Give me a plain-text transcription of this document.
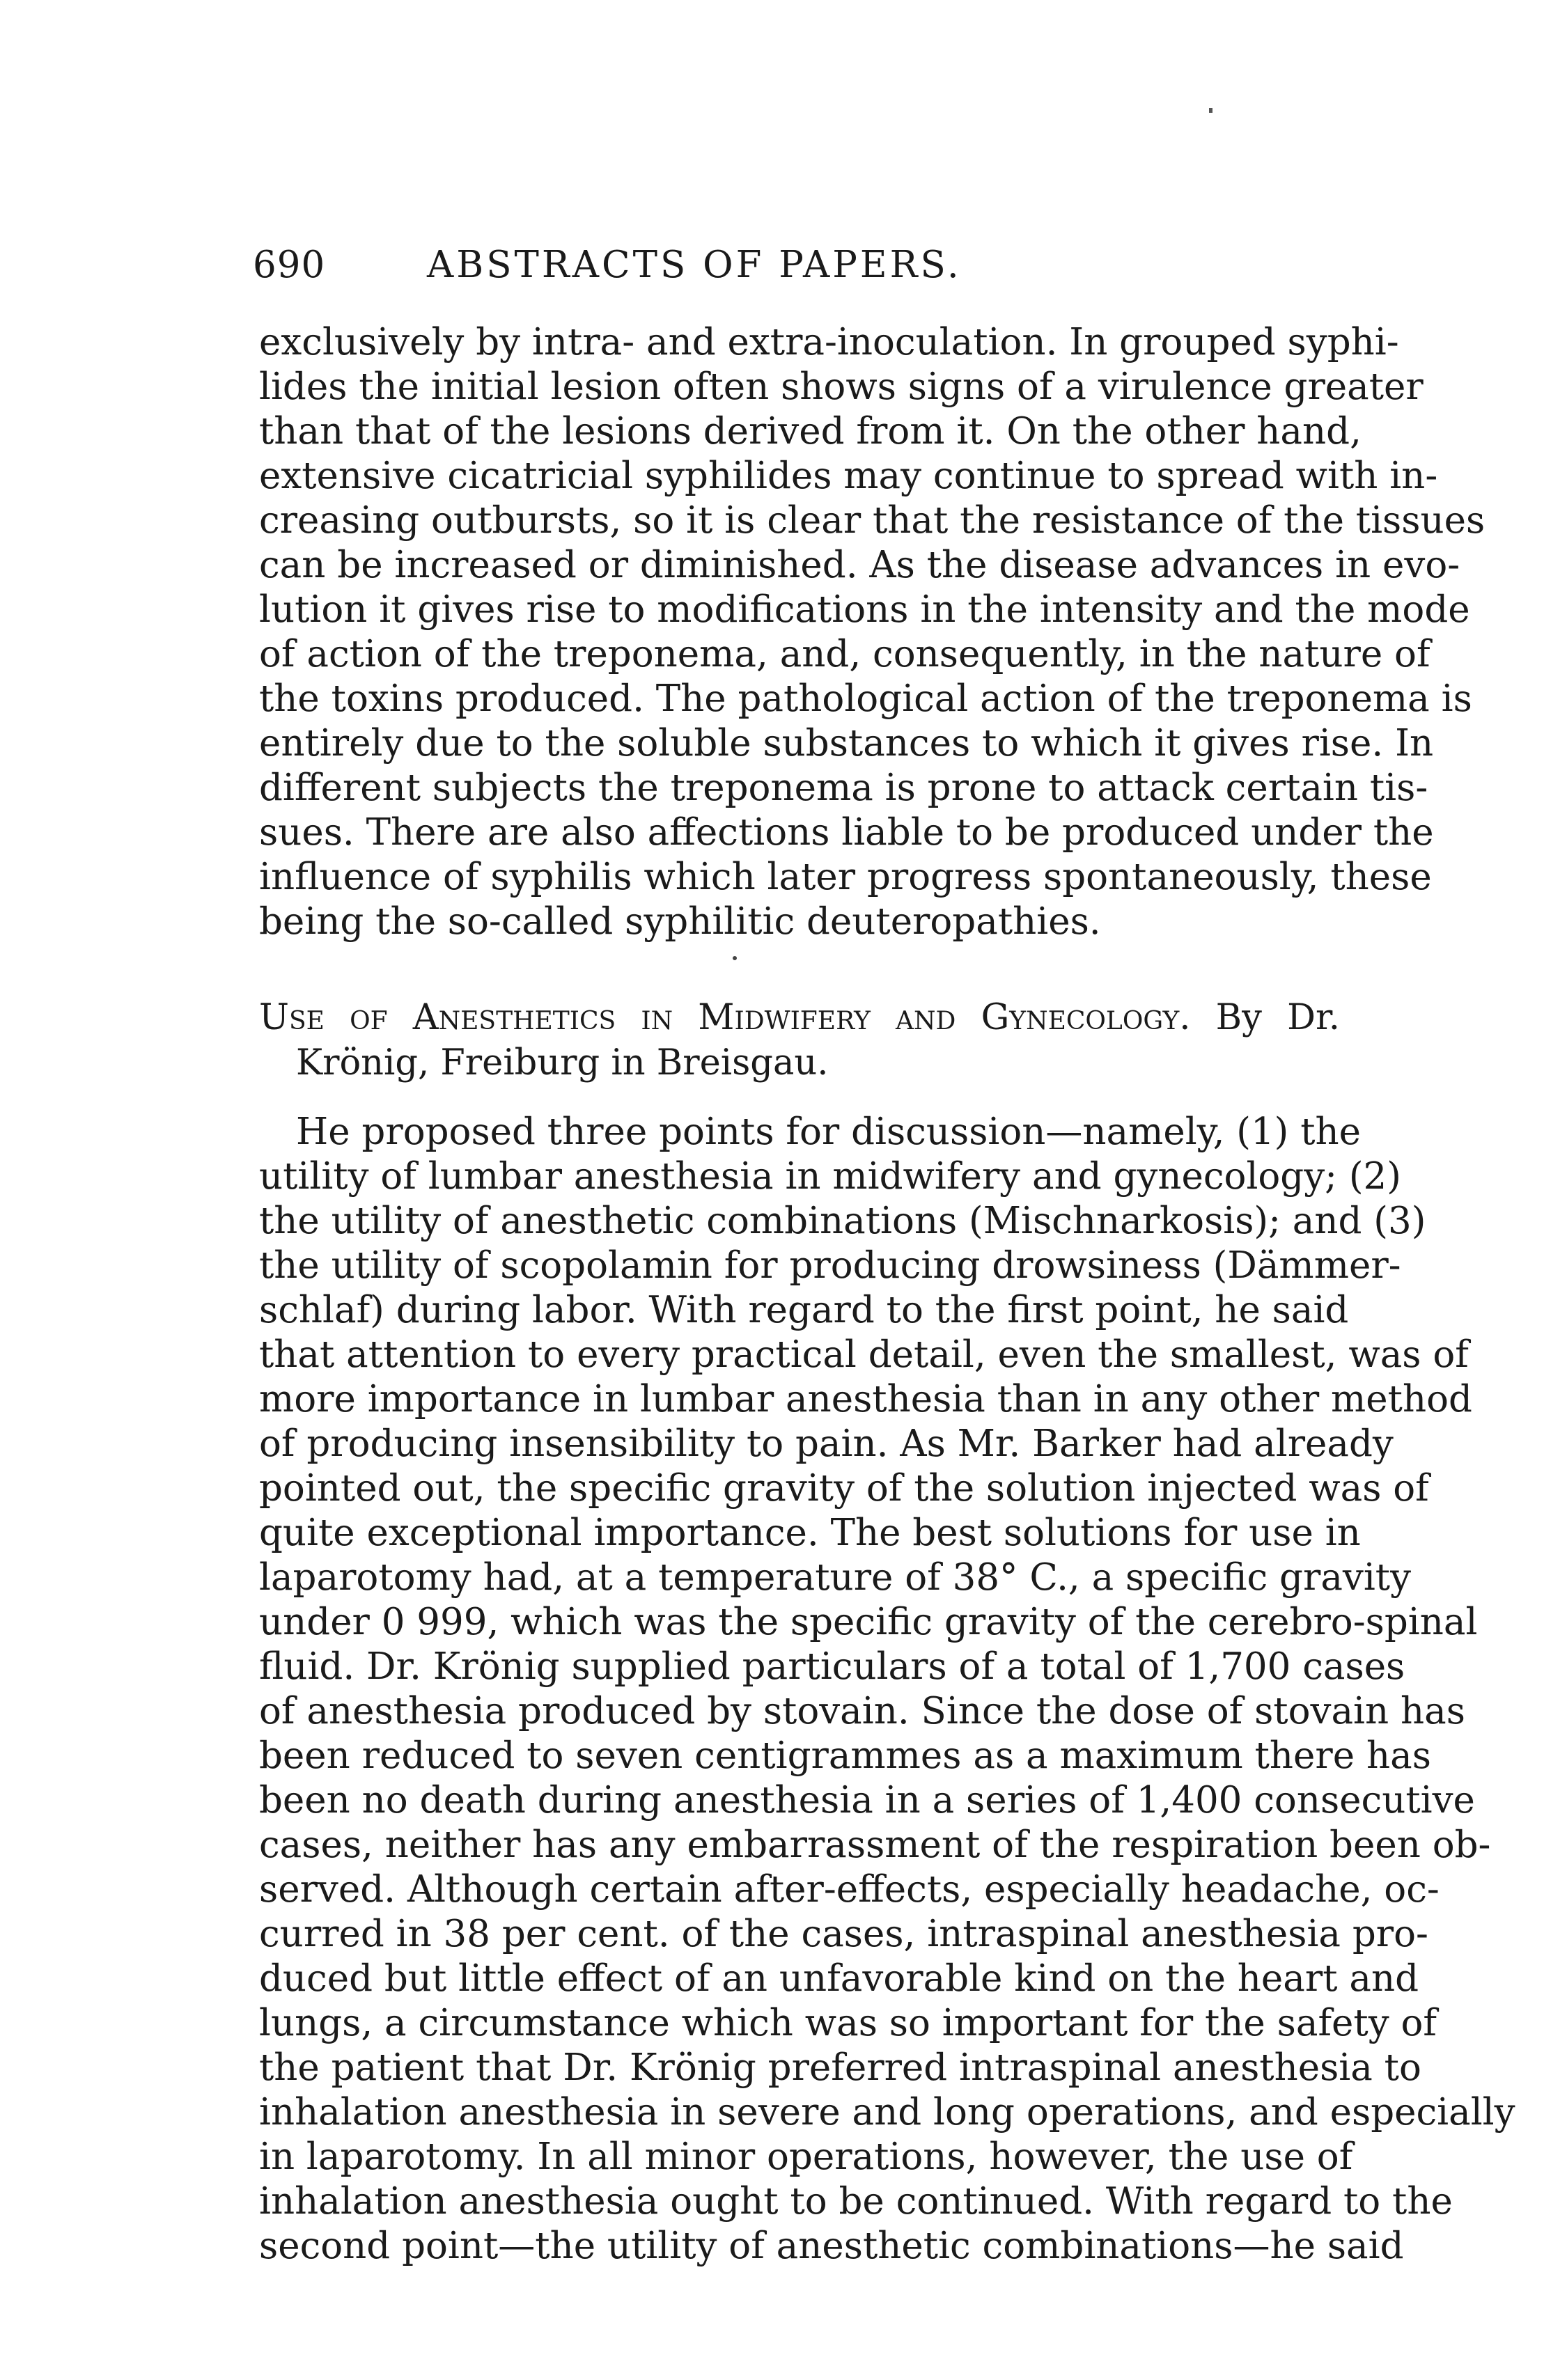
690	ABSTRACTS OF PAPERS.
exclusively by intra- and extra-inoculation. In grouped syphi-
lides the initial lesion often shows signs of a virulence greater
than that of the lesions derived from it. On the other hand,
extensive cicatricial syphilides may continue to spread with in-
creasing outbursts, so it is clear that the resistance of the tissues
can be increased or diminished. As the disease advances in evo-
lution it gives rise to modifications in the intensity and the mode
of action of the treponema, and, consequently, in the nature of
the toxins produced. The pathological action of the treponema is
entirely due to the soluble substances to which it gives rise. In
different subjects the treponema is prone to attack certain tis-
sues. There are also affections liable to be produced under the
influence of syphilis which later progress spontaneously, these
being the so-called syphilitic deuteropathies.
Use of Anesthetics in Midwifery and Gynecology. By Dr.
Krönig, Freiburg in Breisgau.
He proposed three points for discussion—namely, (1) the
utility of lumbar anesthesia in midwifery and gynecology; (2)
the utility of anesthetic combinations (Mischnarkosis); and (3)
the utility of scopolamin for producing drowsiness (Dämmer-
schlaf) during labor. With regard to the first point, he said
that attention to every practical detail, even the smallest, was of
more importance in lumbar anesthesia than in any other method
of producing insensibility to pain. As Mr. Barker had already
pointed out, the specific gravity of the solution injected was of
quite exceptional importance. The best solutions for use in
laparotomy had, at a temperature of 38° C., a specific gravity
under 0 999, which was the specific gravity of the cerebro-spinal
fluid. Dr. Krönig supplied particulars of a total of 1,700 cases
of anesthesia produced by stovain. Since the dose of stovain has
been reduced to seven centigrammes as a maximum there has
been no death during anesthesia in a series of 1,400 consecutive
cases, neither has any embarrassment of the respiration been ob-
served. Although certain after-effects, especially headache, oc-
curred in 38 per cent. of the cases, intraspinal anesthesia pro-
duced but little effect of an unfavorable kind on the heart and
lungs, a circumstance which was so important for the safety of
the patient that Dr. Krönig preferred intraspinal anesthesia to
inhalation anesthesia in severe and long operations, and especially
in laparotomy. In all minor operations, however, the use of
inhalation anesthesia ought to be continued. With regard to the
second point—the utility of anesthetic combinations—he said
